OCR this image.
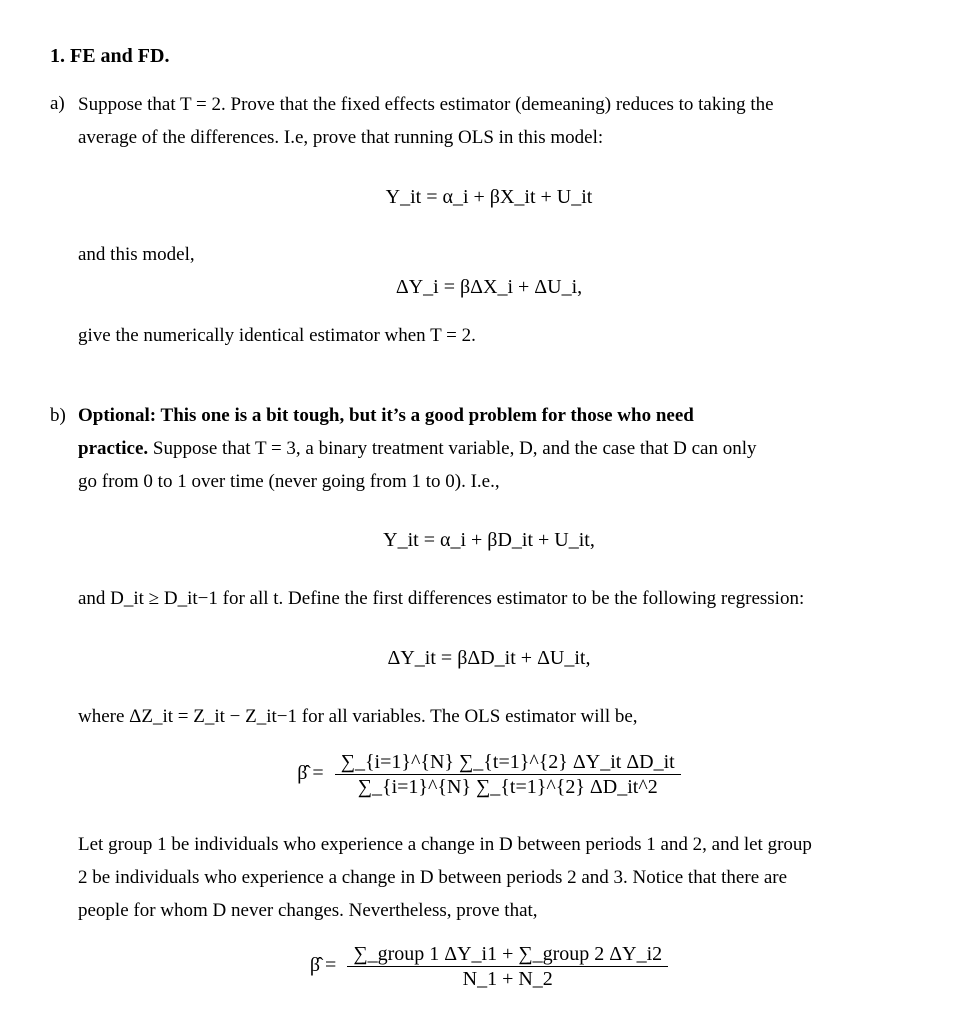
1. FE and FD.
a) Suppose that T = 2. Prove that the fixed effects estimator (demeaning) reduces to taking the
average of the differences. I.e, prove that running OLS in this model:
Y_it = α_i + βX_it + U_it
and this model,
ΔY_i = βΔX_i + ΔU_i,
give the numerically identical estimator when T = 2.
b) Optional: This one is a bit tough, but it’s a good problem for those who need
practice. Suppose that T = 3, a binary treatment variable, D, and the case that D can only
go from 0 to 1 over time (never going from 1 to 0). I.e.,
Y_it = α_i + βD_it + U_it,
and D_it ≥ D_it−1 for all t. Define the first differences estimator to be the following regression:
ΔY_it = βΔD_it + ΔU_it,
where ΔZ_it = Z_it − Z_it−1 for all variables. The OLS estimator will be,
β̂ = $\frac{\text{∑\_\{i=1\}\textasciicircum{}\{N\} ∑\_\{t=1\}\textasciicircum{}\{2\} ΔY\_it ΔD\_it}}{\sum\_\{i=1\}\^{}\{N\} \sum\_\{t=1\}\^{}\{2\} \Delta D\_it\^{}2}$
Let group 1 be individuals who experience a change in D between periods 1 and 2, and let group
2 be individuals who experience a change in D between periods 2 and 3. Notice that there are
people for whom D never changes. Nevertheless, prove that,
β̂ = $\frac{\text{∑\_group 1 ΔY\_i1 + ∑\_group 2 ΔY\_i2}}{N\_1 + N\_2}$
